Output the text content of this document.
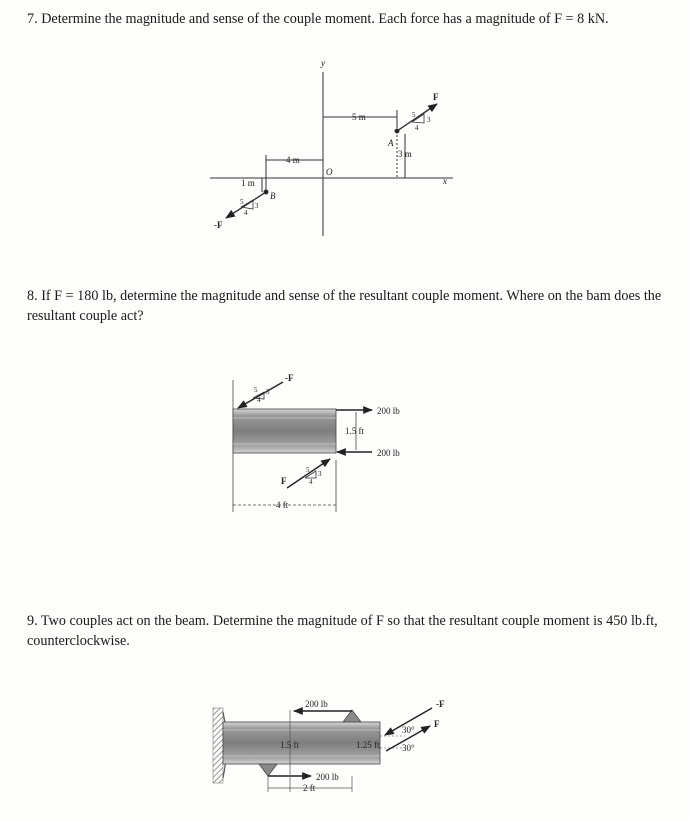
7. Determine the magnitude and sense of the couple moment. Each force has a magnitude of F = 8 kN.
8. If F = 180 lb, determine the magnitude and sense of the resultant couple moment. Where on the bam does the resultant couple act?
9. Two couples act on the beam. Determine the magnitude of F so that the resultant couple moment is 450 lb.ft, counterclockwise.
y
x
O
5 m
4 m
3 m
1 m
A
B
F
-F
5
3
4
5 3
4
-F
F
200 lb
200 lb
1.5 ft
4 ft
5 3
4
5 3
4
200 lb
200 lb
1.5 ft	1.25 ft
2 ft
30°
30°
-F
F
